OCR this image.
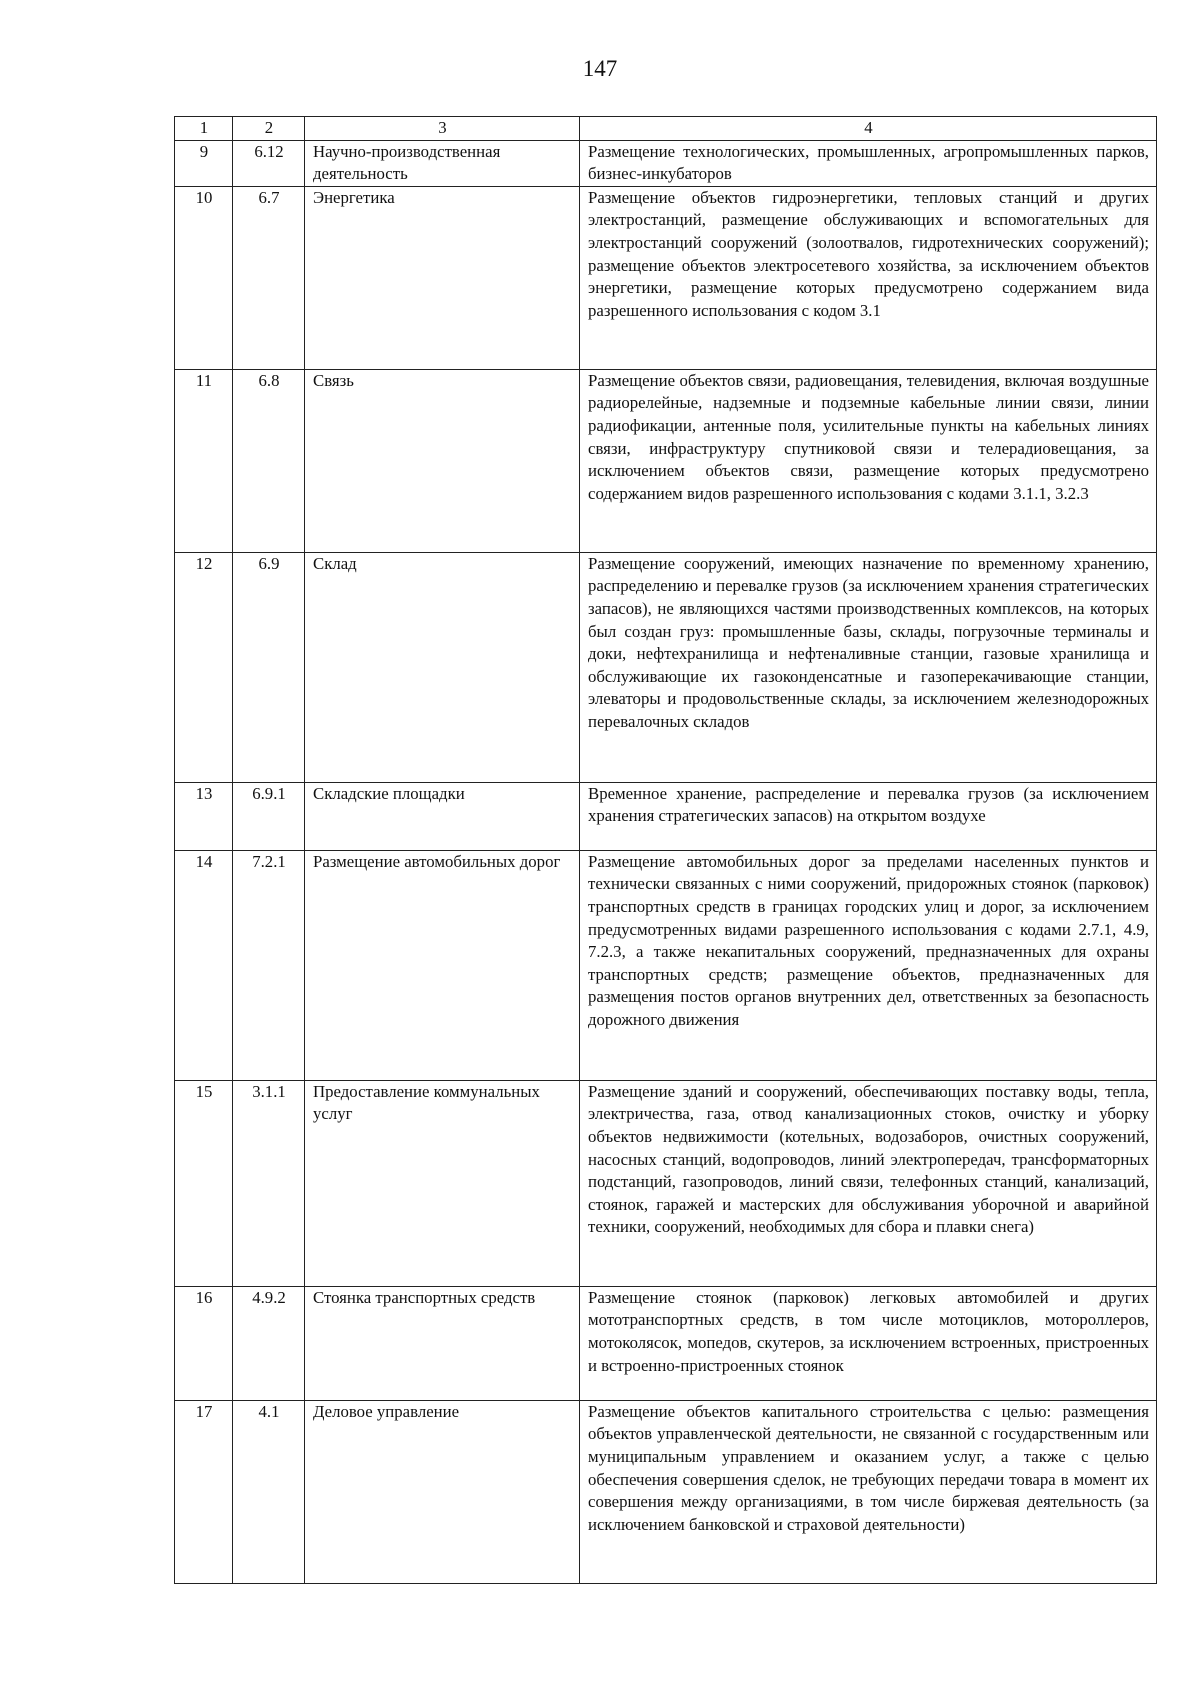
147
1	2	3	4
9	6.12	Научно-производственная деятельность	Размещение технологических, промышленных, агропромышленных парков, бизнес-инкубаторов
10	6.7	Энергетика	Размещение объектов гидроэнергетики, тепловых станций и других электростанций, размещение обслуживающих и вспомогательных для электростанций сооружений (золоотвалов, гидротехнических сооружений); размещение объектов электросетевого хозяйства, за исключением объектов энергетики, размещение которых предусмотрено содержанием вида разрешенного использования с кодом 3.1
11	6.8	Связь	Размещение объектов связи, радиовещания, телевидения, включая воздушные радиорелейные, надземные и подземные кабельные линии связи, линии радиофикации, антенные поля, усилительные пункты на кабельных линиях связи, инфраструктуру спутниковой связи и телерадиовещания, за исключением объектов связи, размещение которых предусмотрено содержанием видов разрешенного использования с кодами 3.1.1, 3.2.3
12	6.9	Склад	Размещение сооружений, имеющих назначение по временному хранению, распределению и перевалке грузов (за исключением хранения стратегических запасов), не являющихся частями производственных комплексов, на которых был создан груз: промышленные базы, склады, погрузочные терминалы и доки, нефтехранилища и нефтеналивные станции, газовые хранилища и обслуживающие их газоконденсатные и газоперекачивающие станции, элеваторы и продовольственные склады, за исключением железнодорожных перевалочных складов
13	6.9.1	Складские площадки	Временное хранение, распределение и перевалка грузов (за исключением хранения стратегических запасов) на открытом воздухе
14	7.2.1	Размещение автомобильных дорог	Размещение автомобильных дорог за пределами населенных пунктов и технически связанных с ними сооружений, придорожных стоянок (парковок) транспортных средств в границах городских улиц и дорог, за исключением предусмотренных видами разрешенного использования с кодами 2.7.1, 4.9, 7.2.3, а также некапитальных сооружений, предназначенных для охраны транспортных средств; размещение объектов, предназначенных для размещения постов органов внутренних дел, ответственных за безопасность дорожного движения
15	3.1.1	Предоставление коммунальных услуг	Размещение зданий и сооружений, обеспечивающих поставку воды, тепла, электричества, газа, отвод канализационных стоков, очистку и уборку объектов недвижимости (котельных, водозаборов, очистных сооружений, насосных станций, водопроводов, линий электропередач, трансформаторных подстанций, газопроводов, линий связи, телефонных станций, канализаций, стоянок, гаражей и мастерских для обслуживания уборочной и аварийной техники, сооружений, необходимых для сбора и плавки снега)
16	4.9.2	Стоянка транспортных средств	Размещение стоянок (парковок) легковых автомобилей и других мототранспортных средств, в том числе мотоциклов, мотороллеров, мотоколясок, мопедов, скутеров, за исключением встроенных, пристроенных и встроенно-пристроенных стоянок
17	4.1	Деловое управление	Размещение объектов капитального строительства с целью: размещения объектов управленческой деятельности, не связанной с государственным или муниципальным управлением и оказанием услуг, а также с целью обеспечения совершения сделок, не требующих передачи товара в момент их совершения между организациями, в том числе биржевая деятельность (за исключением банковской и страховой деятельности)
